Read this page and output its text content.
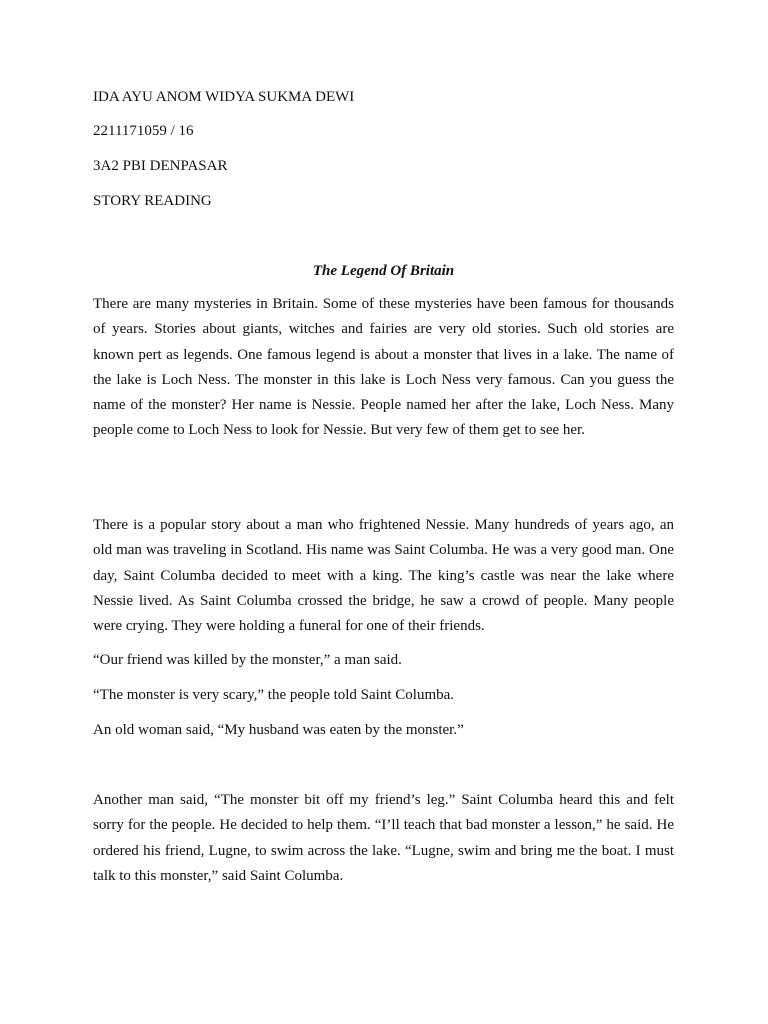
IDA AYU ANOM WIDYA SUKMA DEWI
2211171059 / 16
3A2 PBI DENPASAR
STORY READING
The Legend Of Britain

There are many mysteries in Britain. Some of these mysteries have been famous for thousands of years. Stories about giants, witches and fairies are very old stories. Such old stories are known pert as legends. One famous legend is about a monster that lives in a lake. The name of the lake is Loch Ness. The monster in this lake is Loch Ness very famous. Can you guess the name of the monster? Her name is Nessie. People named her after the lake, Loch Ness. Many people come to Loch Ness to look for Nessie. But very few of them get to see her.

There is a popular story about a man who frightened Nessie. Many hundreds of years ago, an old man was traveling in Scotland. His name was Saint Columba. He was a very good man. One day, Saint Columba decided to meet with a king. The king’s castle was near the lake where Nessie lived. As Saint Columba crossed the bridge, he saw a crowd of people. Many people were crying. They were holding a funeral for one of their friends.

“Our friend was killed by the monster,” a man said.

“The monster is very scary,” the people told Saint Columba.

An old woman said, “My husband was eaten by the monster.”

Another man said, “The monster bit off my friend’s leg.” Saint Columba heard this and felt sorry for the people. He decided to help them. “I’ll teach that bad monster a lesson,” he said. He ordered his friend, Lugne, to swim across the lake. “Lugne, swim and bring me the boat. I must talk to this monster,” said Saint Columba.
